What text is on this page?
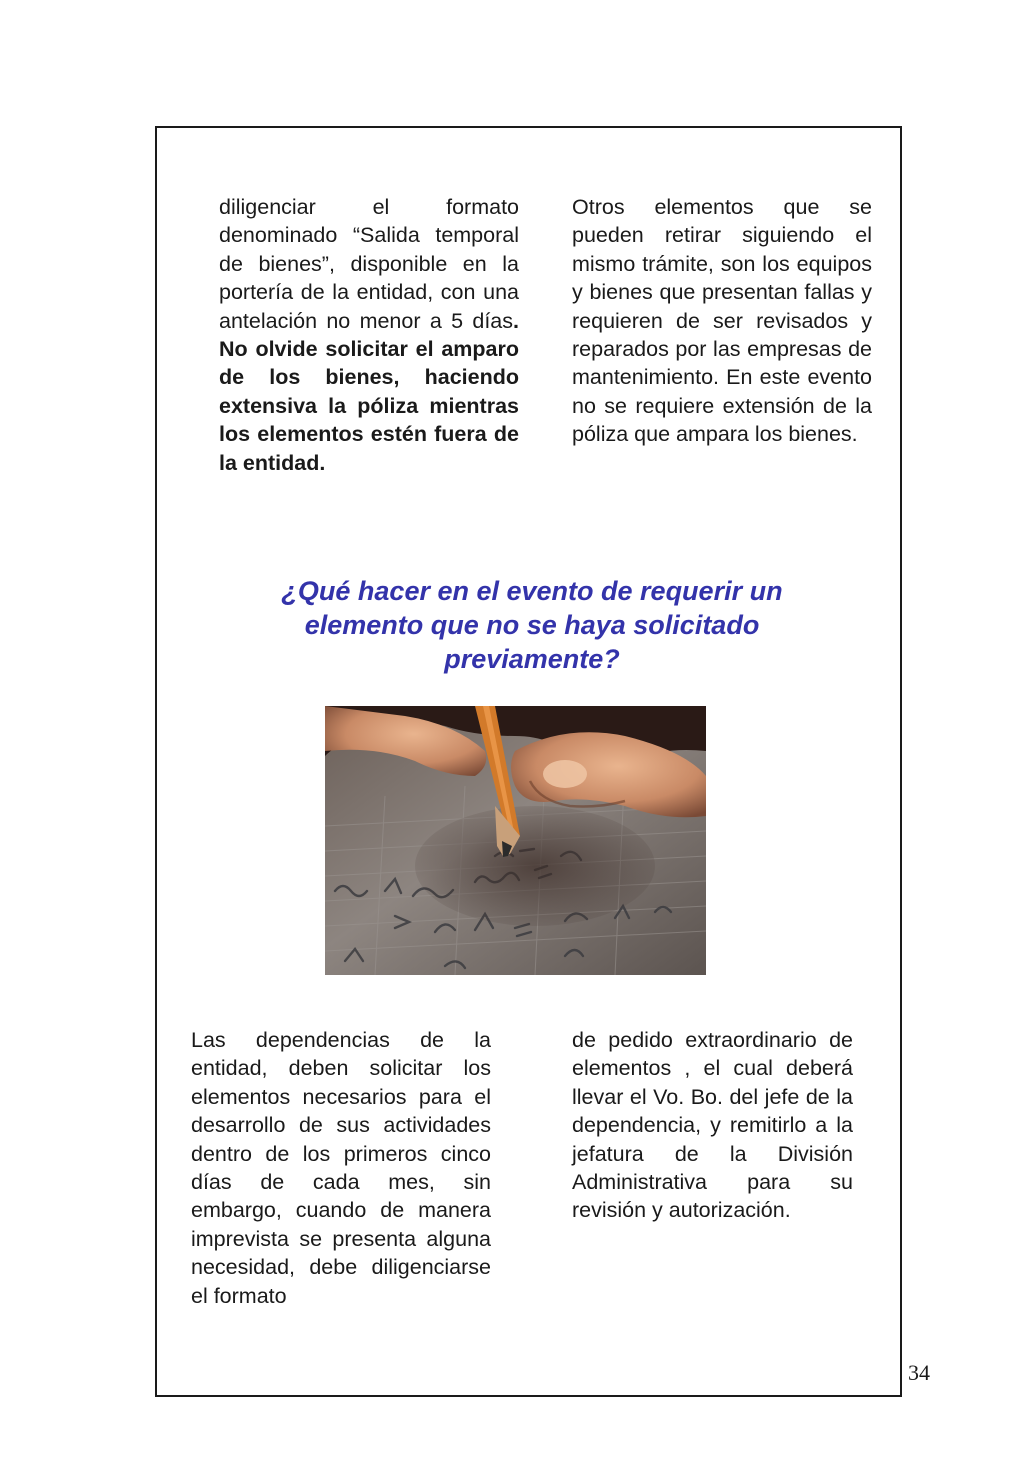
diligenciar el formato denominado “Salida temporal de bienes”, disponible en la portería de la entidad, con una antelación no menor a 5 días. No olvide solicitar el amparo de los bienes, haciendo extensiva la póliza mientras los elementos estén fuera de la entidad.

Otros elementos que se pueden retirar siguiendo el mismo trámite, son los equipos y bienes que presentan fallas y requieren de ser revisados y reparados por las empresas de mantenimiento. En este evento no se requiere extensión de la póliza que ampara los bienes.

¿Qué hacer en el evento de requerir un elemento que no se haya solicitado previamente?

Las dependencias de la entidad, deben solicitar los elementos necesarios para el desarrollo de sus actividades dentro de los primeros cinco días de cada mes, sin embargo, cuando de manera imprevista se presenta alguna necesidad, debe diligenciarse el formato

de pedido extraordinario de elementos , el cual deberá llevar el Vo. Bo. del jefe de la dependencia, y remitirlo a la jefatura de la División Administrativa para su revisión y autorización.

34
